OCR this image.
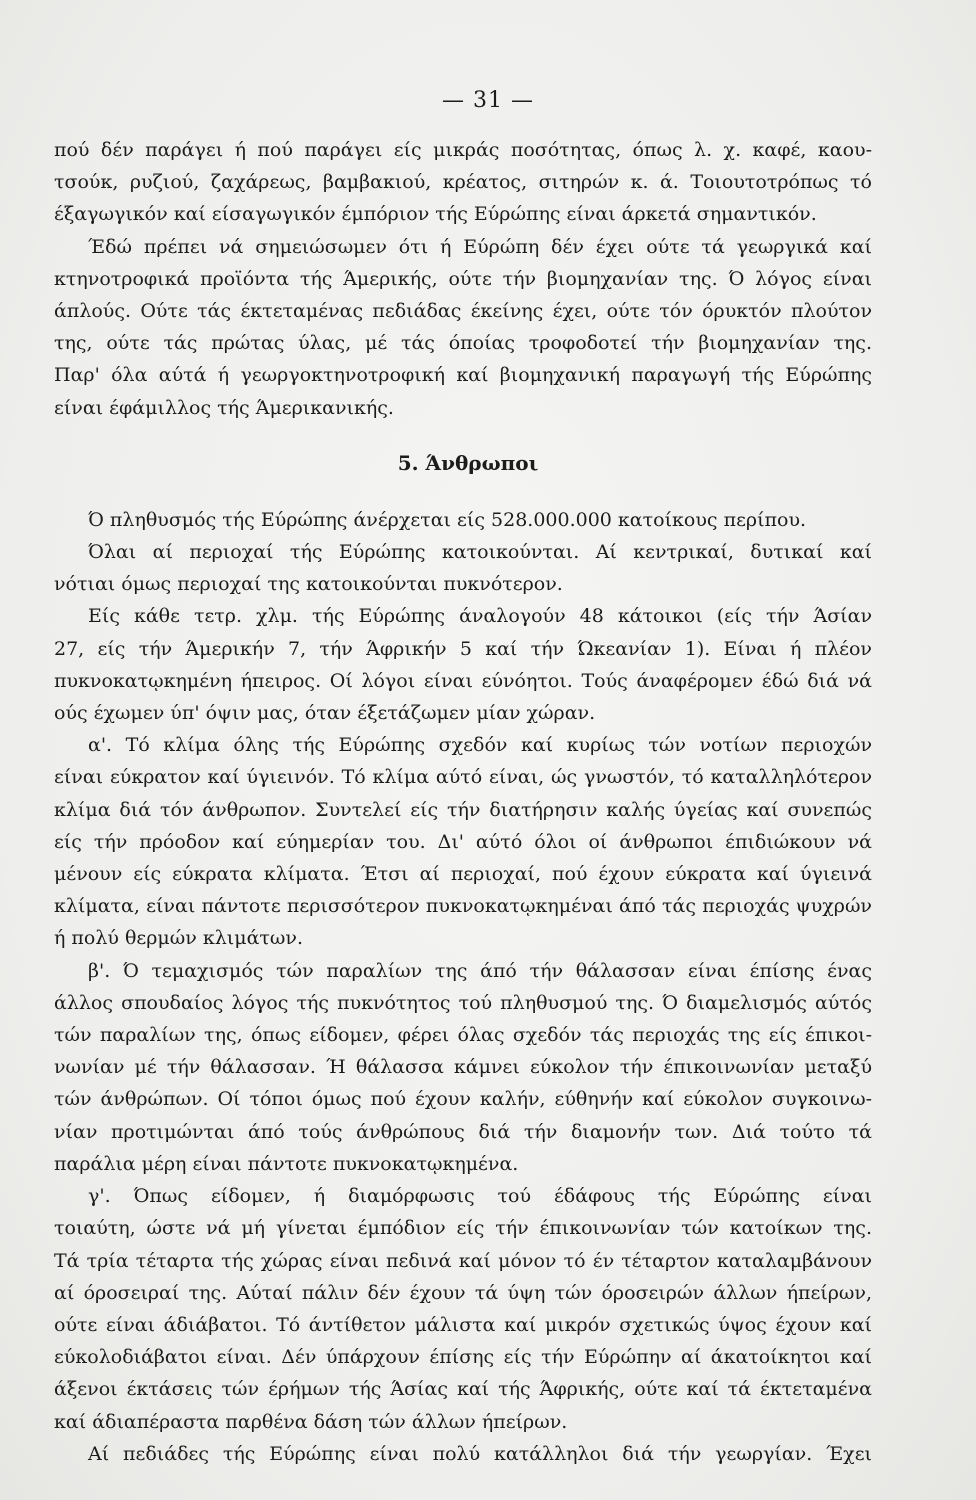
— 31 —
πού δέν παράγει ή πού παράγει είς μικράς ποσότητας, όπως λ. χ. καφέ, καου-
τσούκ, ρυζιού, ζαχάρεως, βαμβακιού, κρέατος, σιτηρών κ. ά. Τοιουτοτρόπως τό
έξαγωγικόν καί είσαγωγικόν έμπόριον τής Εύρώπης είναι άρκετά σημαντικόν.
Έδώ πρέπει νά σημειώσωμεν ότι ή Εύρώπη δέν έχει ούτε τά γεωργικά καί
κτηνοτροφικά προϊόντα τής Άμερικής, ούτε τήν βιομηχανίαν της. Ό λόγος είναι
άπλούς. Ούτε τάς έκτεταμένας πεδιάδας έκείνης έχει, ούτε τόν όρυκτόν πλούτον
της, ούτε τάς πρώτας ύλας, μέ τάς όποίας τροφοδοτεί τήν βιομηχανίαν της.
Παρ' όλα αύτά ή γεωργοκτηνοτροφική καί βιομηχανική παραγωγή τής Εύρώπης
είναι έφάμιλλος τής Άμερικανικής.
5. Άνθρωποι
Ό πληθυσμός τής Εύρώπης άνέρχεται είς 528.000.000 κατοίκους περίπου.
Όλαι αί περιοχαί τής Εύρώπης κατοικούνται. Αί κεντρικαί, δυτικαί καί
νότιαι όμως περιοχαί της κατοικούνται πυκνότερον.
Είς κάθε τετρ. χλμ. τής Εύρώπης άναλογούν 48 κάτοικοι (είς τήν Άσίαν
27, είς τήν Άμερικήν 7, τήν Άφρικήν 5 καί τήν Ώκεανίαν 1). Είναι ή πλέον
πυκνοκατῳκημένη ήπειρος. Οί λόγοι είναι εύνόητοι. Τούς άναφέρομεν έδώ διά νά
ούς έχωμεν ύπ' όψιν μας, όταν έξετάζωμεν μίαν χώραν.
α'. Τό κλίμα όλης τής Εύρώπης σχεδόν καί κυρίως τών νοτίων περιοχών
είναι εύκρατον καί ύγιεινόν. Τό κλίμα αύτό είναι, ώς γνωστόν, τό καταλληλότερον
κλίμα διά τόν άνθρωπον. Συντελεί είς τήν διατήρησιν καλής ύγείας καί συνεπώς
είς τήν πρόοδον καί εύημερίαν του. Δι' αύτό όλοι οί άνθρωποι έπιδιώκουν νά
μένουν είς εύκρατα κλίματα. Έτσι αί περιοχαί, πού έχουν εύκρατα καί ύγιεινά
κλίματα, είναι πάντοτε περισσότερον πυκνοκατῳκημέναι άπό τάς περιοχάς ψυχρών
ή πολύ θερμών κλιμάτων.
β'. Ό τεμαχισμός τών παραλίων της άπό τήν θάλασσαν είναι έπίσης ένας
άλλος σπουδαίος λόγος τής πυκνότητος τού πληθυσμού της. Ό διαμελισμός αύτός
τών παραλίων της, όπως είδομεν, φέρει όλας σχεδόν τάς περιοχάς της είς έπικοι-
νωνίαν μέ τήν θάλασσαν. Ή θάλασσα κάμνει εύκολον τήν έπικοινωνίαν μεταξύ
τών άνθρώπων. Οί τόποι όμως πού έχουν καλήν, εύθηνήν καί εύκολον συγκοινω-
νίαν προτιμώνται άπό τούς άνθρώπους διά τήν διαμονήν των. Διά τούτο τά
παράλια μέρη είναι πάντοτε πυκνοκατῳκημένα.
γ'. Όπως είδομεν, ή διαμόρφωσις τού έδάφους τής Εύρώπης είναι
τοιαύτη, ώστε νά μή γίνεται έμπόδιον είς τήν έπικοινωνίαν τών κατοίκων της.
Τά τρία τέταρτα τής χώρας είναι πεδινά καί μόνον τό έν τέταρτον καταλαμβάνουν
αί όροσειραί της. Αύταί πάλιν δέν έχουν τά ύψη τών όροσειρών άλλων ήπείρων,
ούτε είναι άδιάβατοι. Τό άντίθετον μάλιστα καί μικρόν σχετικώς ύψος έχουν καί
εύκολοδιάβατοι είναι. Δέν ύπάρχουν έπίσης είς τήν Εύρώπην αί άκατοίκητοι καί
άξενοι έκτάσεις τών έρήμων τής Άσίας καί τής Άφρικής, ούτε καί τά έκτεταμένα
καί άδιαπέραστα παρθένα δάση τών άλλων ήπείρων.
Αί πεδιάδες τής Εύρώπης είναι πολύ κατάλληλοι διά τήν γεωργίαν. Έχει
